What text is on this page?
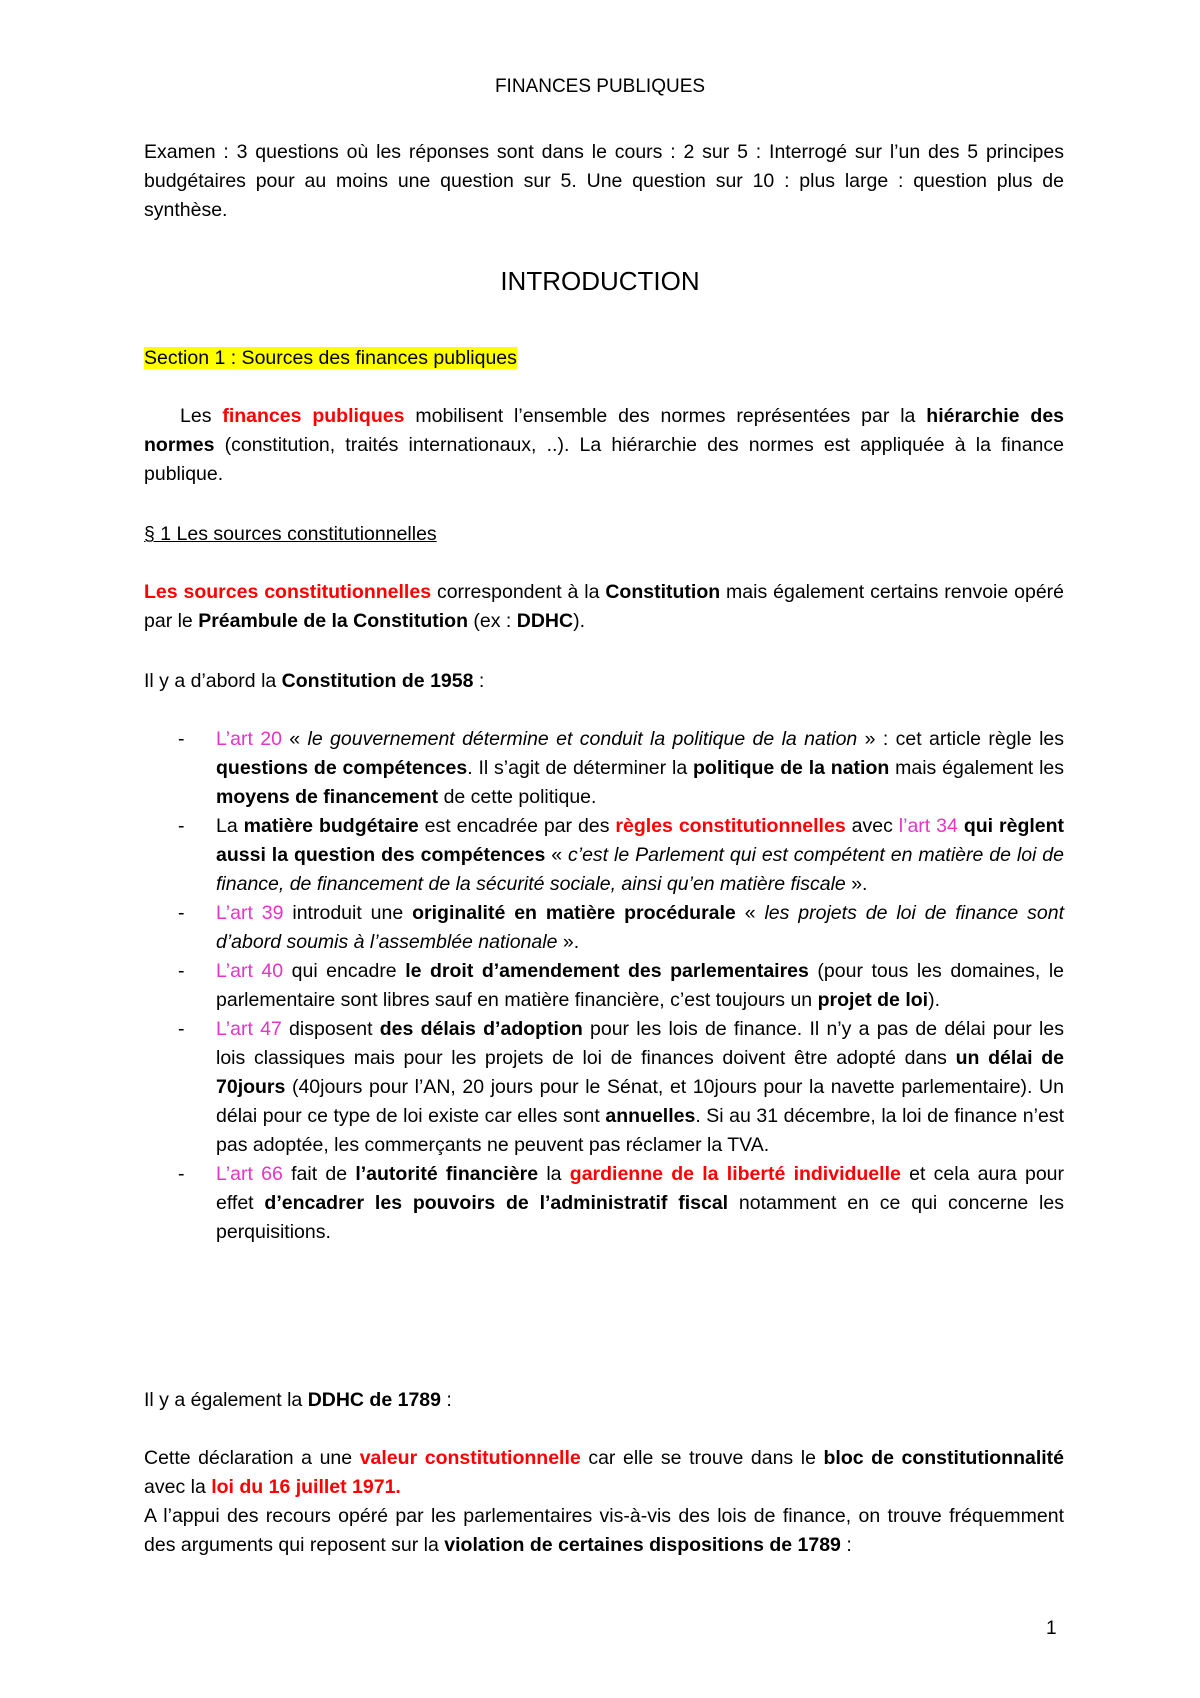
FINANCES PUBLIQUES
Examen : 3 questions où les réponses sont dans le cours : 2 sur 5 : Interrogé sur l’un des 5 principes budgétaires pour au moins une question sur 5. Une question sur 10 : plus large : question plus de synthèse.
INTRODUCTION
Section 1 : Sources des finances publiques
Les finances publiques mobilisent l’ensemble des normes représentées par la hiérarchie des normes (constitution, traités internationaux, ..). La hiérarchie des normes est appliquée à la finance publique.
§ 1 Les sources constitutionnelles
Les sources constitutionnelles correspondent à la Constitution mais également certains renvoie opéré par le Préambule de la Constitution (ex : DDHC).
Il y a d’abord la Constitution de 1958 :
- L’art 20 « le gouvernement détermine et conduit la politique de la nation » : cet article règle les questions de compétences. Il s’agit de déterminer la politique de la nation mais également les moyens de financement de cette politique.
- La matière budgétaire est encadrée par des règles constitutionnelles avec l’art 34 qui règlent aussi la question des compétences « c’est le Parlement qui est compétent en matière de loi de finance, de financement de la sécurité sociale, ainsi qu’en matière fiscale ».
- L’art 39 introduit une originalité en matière procédurale « les projets de loi de finance sont d’abord soumis à l’assemblée nationale ».
- L’art 40 qui encadre le droit d’amendement des parlementaires (pour tous les domaines, le parlementaire sont libres sauf en matière financière, c’est toujours un projet de loi).
- L’art 47 disposent des délais d’adoption pour les lois de finance. Il n’y a pas de délai pour les lois classiques mais pour les projets de loi de finances doivent être adopté dans un délai de 70jours (40jours pour l’AN, 20 jours pour le Sénat, et 10jours pour la navette parlementaire). Un délai pour ce type de loi existe car elles sont annuelles. Si au 31 décembre, la loi de finance n’est pas adoptée, les commerçants ne peuvent pas réclamer la TVA.
- L’art 66 fait de l’autorité financière la gardienne de la liberté individuelle et cela aura pour effet d’encadrer les pouvoirs de l’administratif fiscal notamment en ce qui concerne les perquisitions.
Il y a également la DDHC de 1789 :
Cette déclaration a une valeur constitutionnelle car elle se trouve dans le bloc de constitutionnalité avec la loi du 16 juillet 1971.
A l’appui des recours opéré par les parlementaires vis-à-vis des lois de finance, on trouve fréquemment des arguments qui reposent sur la violation de certaines dispositions de 1789 :
1
